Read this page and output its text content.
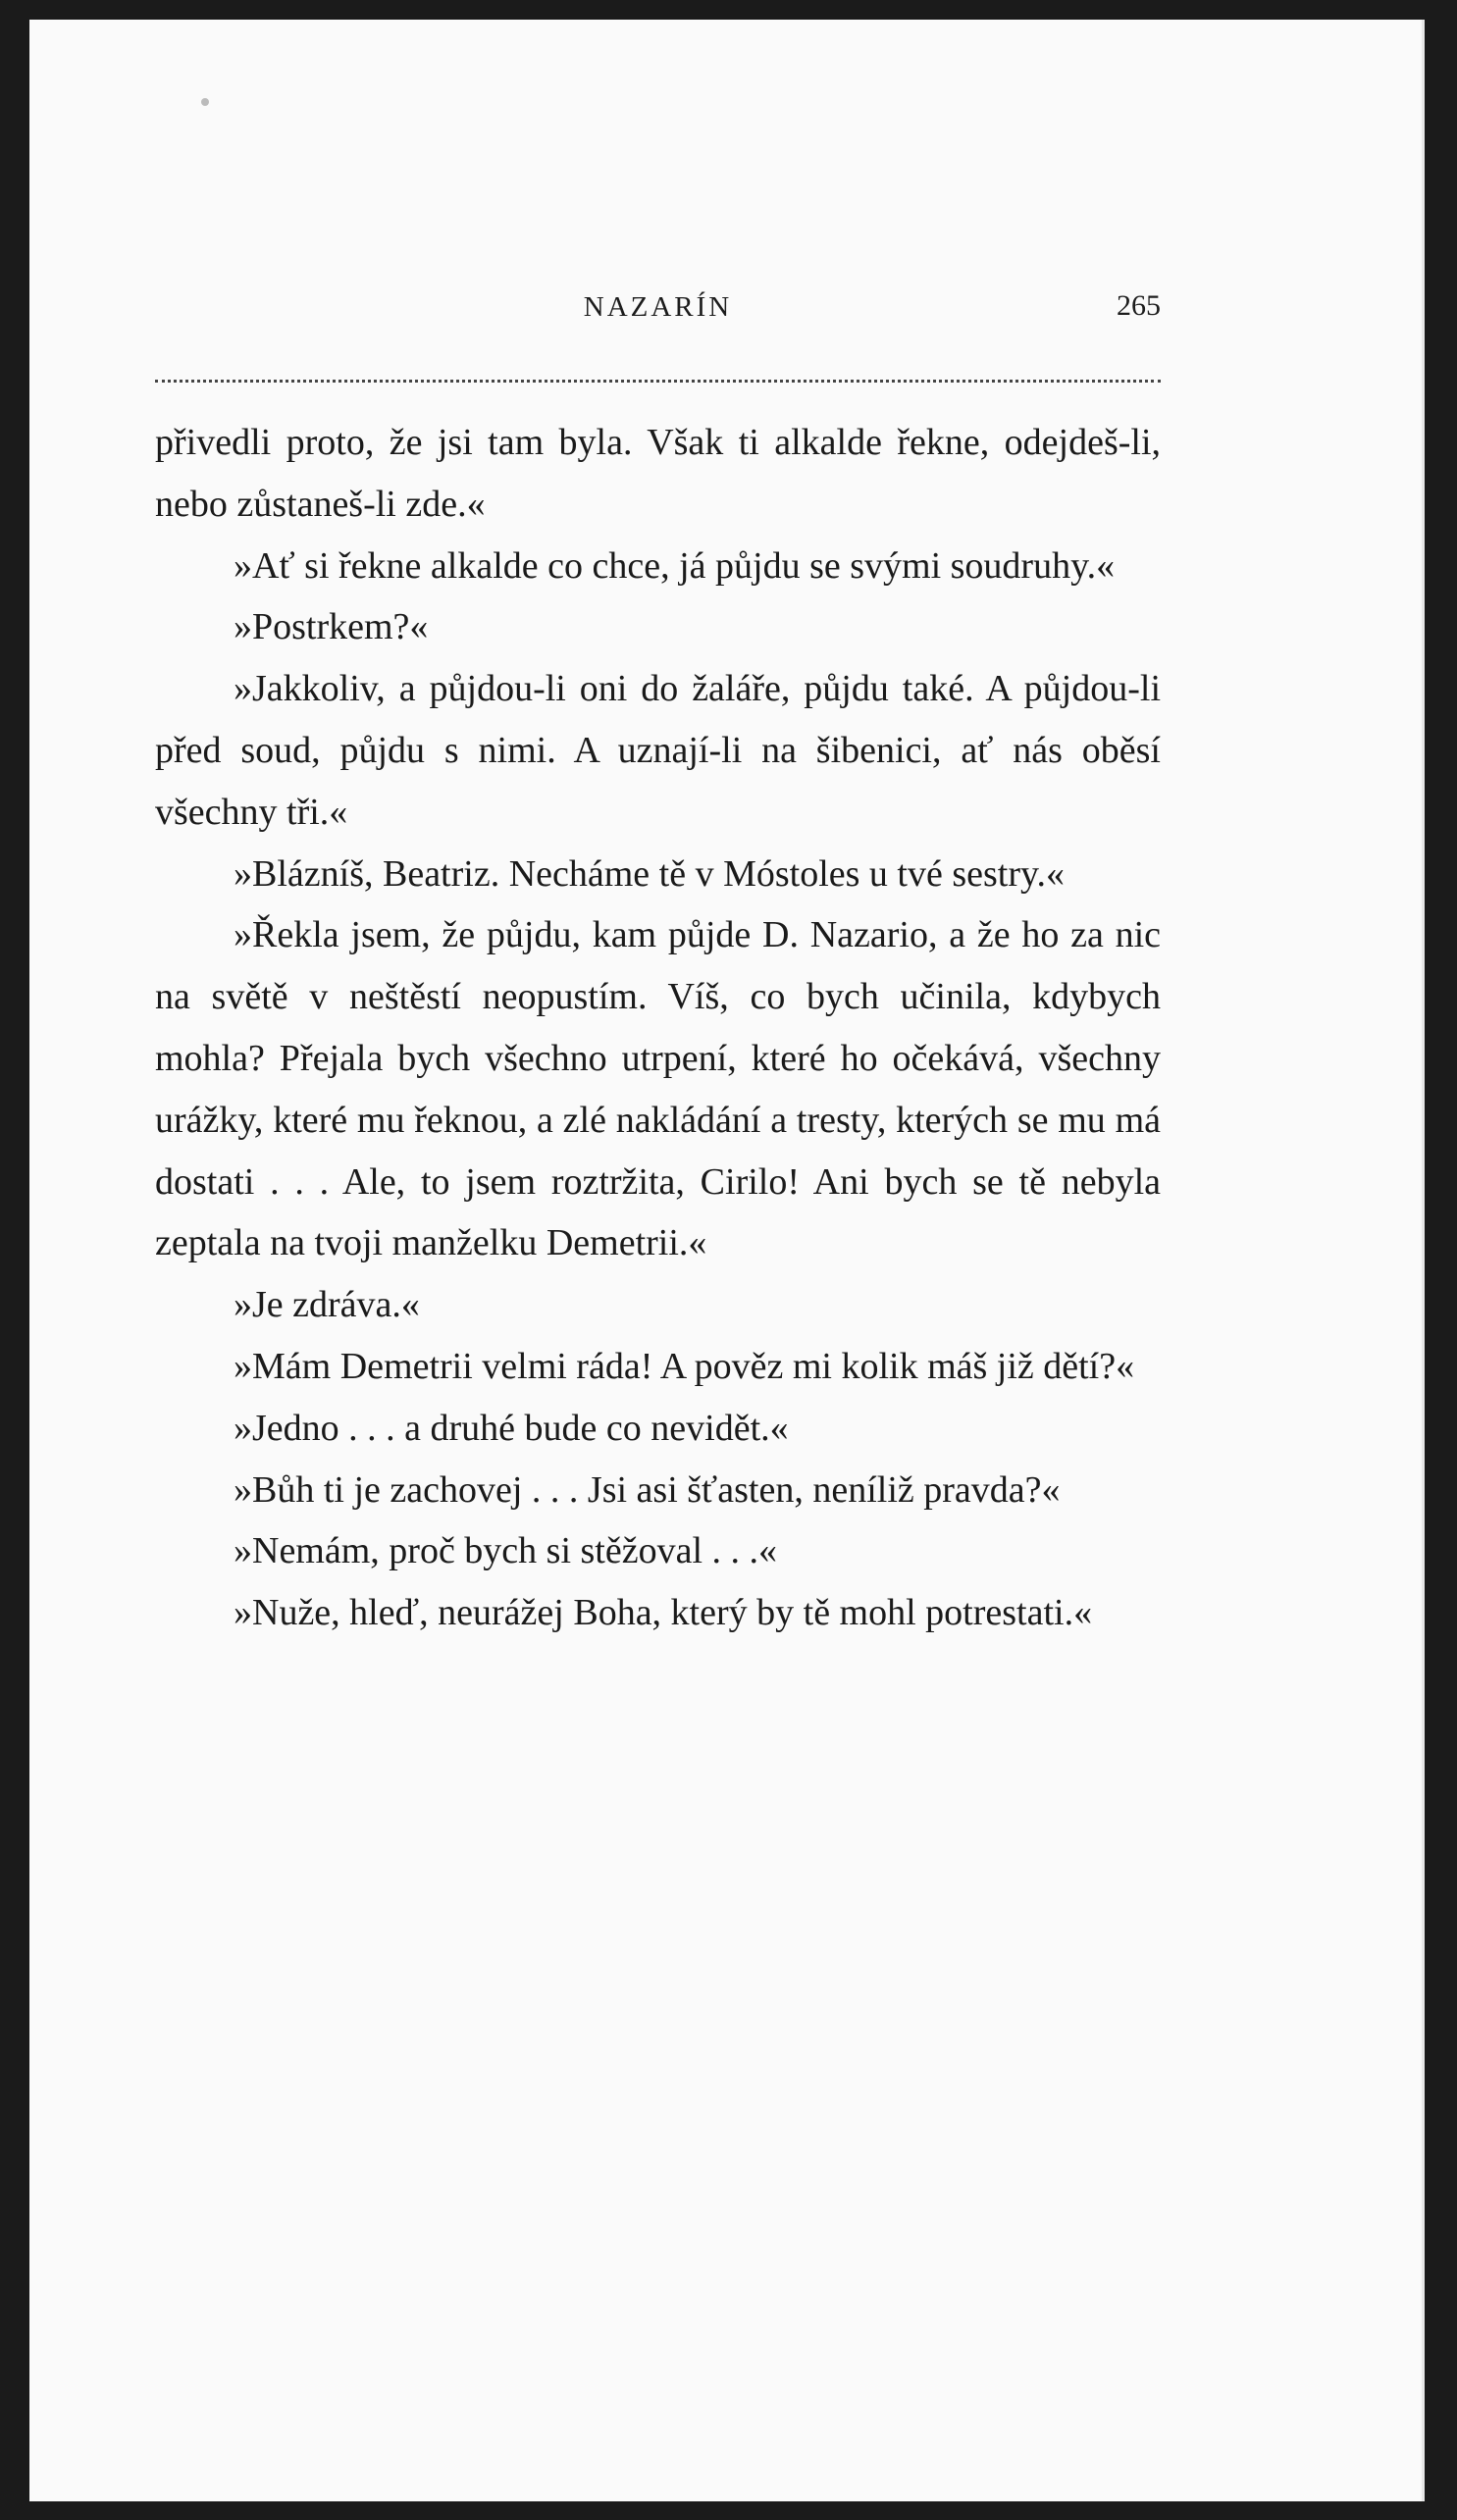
NAZARÍN	265

přivedli proto, že jsi tam byla. Však ti alkalde řekne, odejdeš-li, nebo zůstaneš-li zde.«

»Ať si řekne alkalde co chce, já půjdu se svými soudruhy.«

»Postrkem?«

»Jakkoliv, a půjdou-li oni do žaláře, půjdu také. A půjdou-li před soud, půjdu s nimi. A uznají-li na šibenici, ať nás oběsí všechny tři.«

»Blázníš, Beatriz. Necháme tě v Móstoles u tvé sestry.«

»Řekla jsem, že půjdu, kam půjde D. Nazario, a že ho za nic na světě v neštěstí neopustím. Víš, co bych učinila, kdybych mohla? Přejala bych všechno utrpení, které ho očekává, všechny urážky, které mu řeknou, a zlé nakládání a tresty, kterých se mu má dostati . . . Ale, to jsem roztržita, Cirilo! Ani bych se tě nebyla zeptala na tvoji manželku Demetrii.«

»Je zdráva.«

»Mám Demetrii velmi ráda! A pověz mi kolik máš již dětí?«

»Jedno . . . a druhé bude co nevidět.«

»Bůh ti je zachovej . . . Jsi asi šťasten, neníliž pravda?«

»Nemám, proč bych si stěžoval . . .«

»Nuže, hleď, neurážej Boha, který by tě mohl potrestati.«
